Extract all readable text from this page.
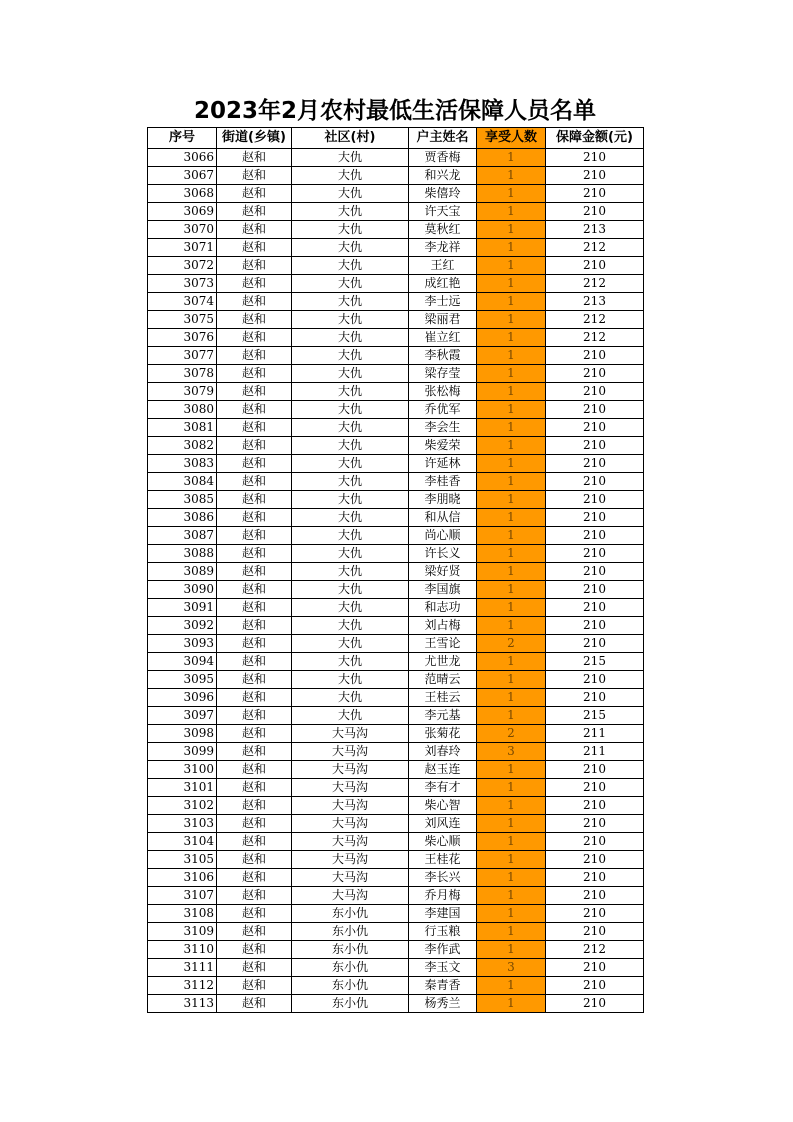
2023年2月农村最低生活保障人员名单
序号	街道(乡镇)	社区(村)	户主姓名	享受人数	保障金额(元)
3066	赵和	大仇	贾香梅	1	210
3067	赵和	大仇	和兴龙	1	210
3068	赵和	大仇	柴僖玲	1	210
3069	赵和	大仇	许天宝	1	210
3070	赵和	大仇	莫秋红	1	213
3071	赵和	大仇	李龙祥	1	212
3072	赵和	大仇	王红	1	210
3073	赵和	大仇	成红艳	1	212
3074	赵和	大仇	李士远	1	213
3075	赵和	大仇	梁丽君	1	212
3076	赵和	大仇	崔立红	1	212
3077	赵和	大仇	李秋霞	1	210
3078	赵和	大仇	梁存莹	1	210
3079	赵和	大仇	张松梅	1	210
3080	赵和	大仇	乔优军	1	210
3081	赵和	大仇	李会生	1	210
3082	赵和	大仇	柴爱荣	1	210
3083	赵和	大仇	许延林	1	210
3084	赵和	大仇	李桂香	1	210
3085	赵和	大仇	李朋晓	1	210
3086	赵和	大仇	和从信	1	210
3087	赵和	大仇	尚心顺	1	210
3088	赵和	大仇	许长义	1	210
3089	赵和	大仇	梁好贤	1	210
3090	赵和	大仇	李国旗	1	210
3091	赵和	大仇	和志功	1	210
3092	赵和	大仇	刘占梅	1	210
3093	赵和	大仇	王雪论	2	210
3094	赵和	大仇	尤世龙	1	215
3095	赵和	大仇	范晴云	1	210
3096	赵和	大仇	王桂云	1	210
3097	赵和	大仇	李元基	1	215
3098	赵和	大马沟	张菊花	2	211
3099	赵和	大马沟	刘春玲	3	211
3100	赵和	大马沟	赵玉连	1	210
3101	赵和	大马沟	李有才	1	210
3102	赵和	大马沟	柴心智	1	210
3103	赵和	大马沟	刘风连	1	210
3104	赵和	大马沟	柴心顺	1	210
3105	赵和	大马沟	王桂花	1	210
3106	赵和	大马沟	李长兴	1	210
3107	赵和	大马沟	乔月梅	1	210
3108	赵和	东小仇	李建国	1	210
3109	赵和	东小仇	行玉粮	1	210
3110	赵和	东小仇	李作武	1	212
3111	赵和	东小仇	李玉文	3	210
3112	赵和	东小仇	秦青香	1	210
3113	赵和	东小仇	杨秀兰	1	210
